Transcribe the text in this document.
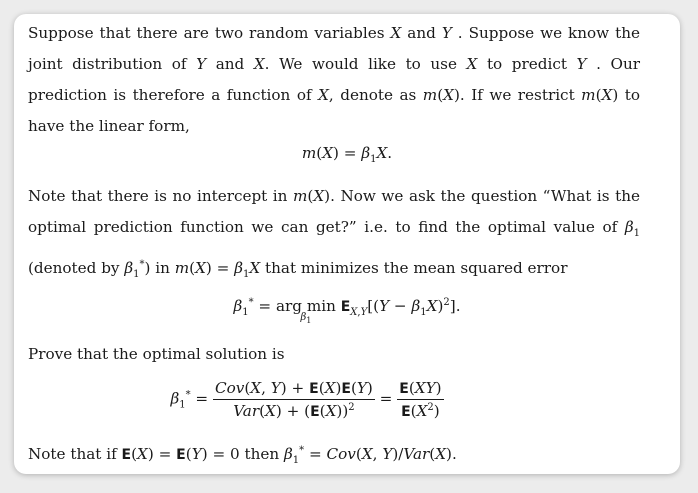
Suppose that there are two random variables X and Y . Suppose we know the joint distribution of Y and X. We would like to use X to predict Y . Our prediction is therefore a function of X, denote as m(X). If we restrict m(X) to have the linear form,

$m(X) = \beta_1X$.

Note that there is no intercept in m(X). Now we ask the question “What is the optimal prediction function we can get?” i.e. to find the optimal value of $\beta_1$ (denoted by $\beta_1^*$) in $m(X) = \beta_1X$ that minimizes the mean squared error

$\beta_1^*$ = arg min
$\beta_1$
$E_{X,Y}[(Y - \beta_1X)^2]$.

Prove that the optimal solution is

$\beta_1^* = \frac{\text{Cov(X, Y) + E(X)E(Y)}}{Var(X) + (E(X))^2} = \frac{E(XY)}{E(X^2)}$

Note that if E(X) = E(Y) = 0 then $\beta_1^* = Cov(X$, Y)/Var(X).
